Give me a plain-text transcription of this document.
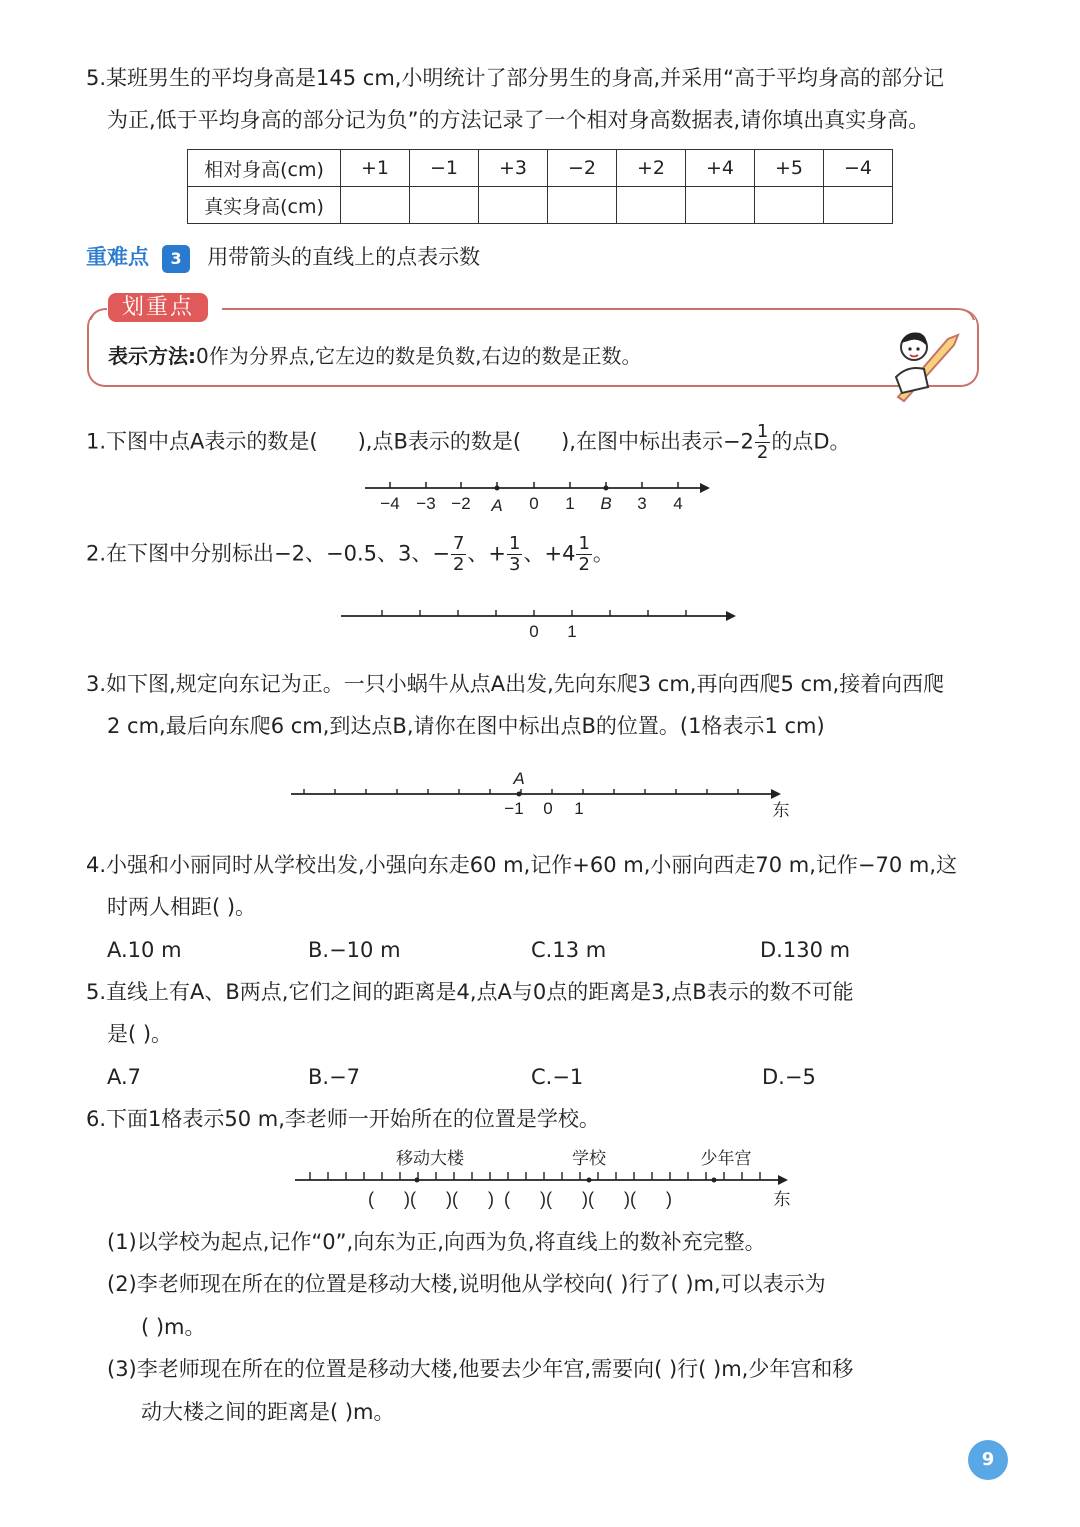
5.某班男生的平均身高是145 cm,小明统计了部分男生的身高,并采用“高于平均身高的部分记
为正,低于平均身高的部分记为负”的方法记录了一个相对身高数据表,请你填出真实身高。
相对身高(cm)	+1	−1	+3	−2	+2	+4	+5	−4
真实身高(cm)								
重难点 3 用带箭头的直线上的点表示数
划重点
表示方法:0作为分界点,它左边的数是负数,右边的数是正数。
1.下图中点A表示的数是( ),点B表示的数是( ),在图中标出表示$-2 \frac{1}{2}$ 的点D。
−4 −3 −2 A 0 1 B 3 4
2.在下图中分别标出−2、−0.5、3、− $\frac{7}{2}$ 、+ $\frac{1}{3}$ 、$+4 \frac{1}{2}$ 。
0 1
3.如下图,规定向东记为正。一只小蜗牛从点A出发,先向东爬3 cm,再向西爬5 cm,接着向西爬
2 cm,最后向东爬6 cm,到达点B,请你在图中标出点B的位置。(1格表示1 cm)
A
−1 0 1	东
4.小强和小丽同时从学校出发,小强向东走60 m,记作+60 m,小丽向西走70 m,记作−70 m,这
时两人相距( )。
A.10 m	B.−10 m	C.13 m	D.130 m
5.直线上有A、B两点,它们之间的距离是4,点A与0点的距离是3,点B表示的数不可能
是( )。
A.7	B.−7	C.−1	D.−5
6.下面1格表示50 m,李老师一开始所在的位置是学校。
移动大楼	学校	少年宫
(      )(      )(      )  (      )(      )(      )(      )	东
(1)以学校为起点,记作“0”,向东为正,向西为负,将直线上的数补充完整。
(2)李老师现在所在的位置是移动大楼,说明他从学校向( )行了( )m,可以表示为
( )m。
(3)李老师现在所在的位置是移动大楼,他要去少年宫,需要向( )行( )m,少年宫和移
动大楼之间的距离是( )m。
9
